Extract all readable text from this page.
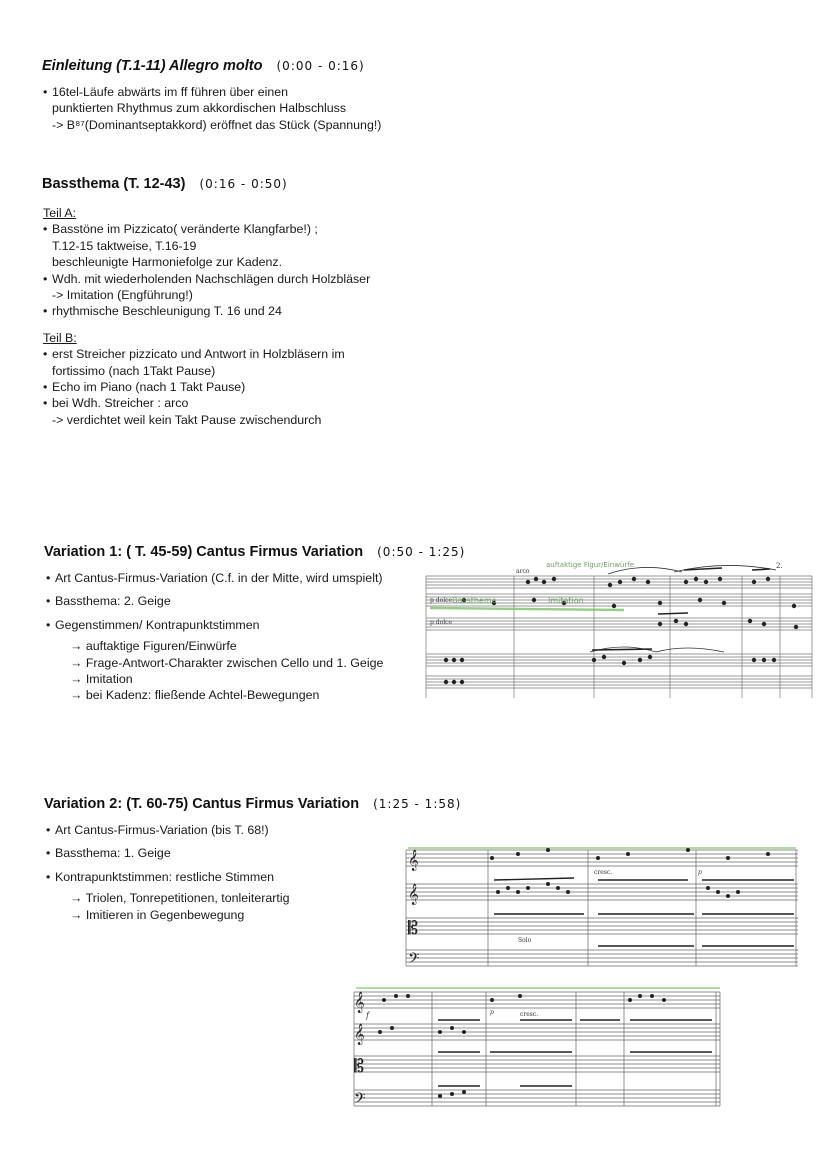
Einleitung (T.1-11) Allegro molto (0:00 - 0:16)
• 16tel-Läufe abwärts im ff führen über einen
punktierten Rhythmus zum akkordischen Halbschluss
-> B⁸⁷(Dominantseptakkord) eröffnet das Stück (Spannung!)
Bassthema (T. 12-43) (0:16 - 0:50)
Teil A:
• Basstöne im Pizzicato( veränderte Klangfarbe!) ;
T.12-15 taktweise, T.16-19
beschleunigte Harmoniefolge zur Kadenz.
• Wdh. mit wiederholenden Nachschlägen durch Holzbläser
-> Imitation (Engführung!)
• rhythmische Beschleunigung T. 16 und 24
Teil B:
• erst Streicher pizzicato und Antwort in Holzbläsern im
fortissimo (nach 1Takt Pause)
• Echo im Piano (nach 1 Takt Pause)
• bei Wdh. Streicher : arco
-> verdichtet weil kein Takt Pause zwischendurch
Variation 1: ( T. 45-59) Cantus Firmus Variation (0:50 - 1:25)
• Art Cantus-Firmus-Variation (C.f. in der Mitte, wird umspielt)
• Bassthema: 2. Geige
• Gegenstimmen/ Kontrapunktstimmen
→ auftaktige Figuren/Einwürfe
→ Frage-Antwort-Charakter zwischen Cello und 1. Geige
→ Imitation
→ bei Kadenz: fließende Achtel-Bewegungen
arco
p dolce
p dolce
2.
Bassthema	Imitation
auftaktige Figur/Einwürfe
Variation 2: (T. 60-75) Cantus Firmus Variation (1:25 - 1:58)
• Art Cantus-Firmus-Variation (bis T. 68!)
• Bassthema: 1. Geige
• Kontrapunktstimmen: restliche Stimmen
→ Triolen, Tonrepetitionen, tonleiterartig
→ Imitieren in Gegenbewegung
𝄞
𝄞
𝄡
𝄢
cresc.	p
Solo
𝄞
𝄞
𝄡
𝄢
f	cresc.
p
